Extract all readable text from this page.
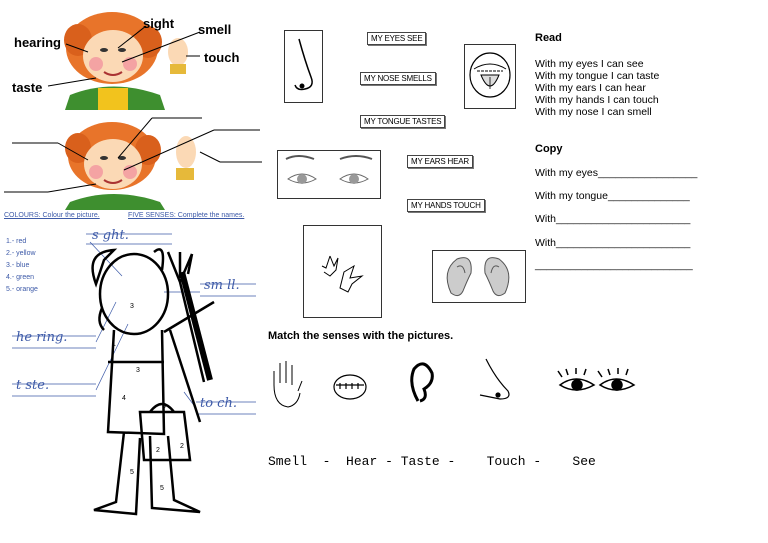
sight smell
hearing
touch
taste
COLOURS: Colour the picture.	FIVE SENSES: Complete the names.
1.- red
2.- yellow
3.- blue
4.- green
5.- orange
3
3
4
2
2
5
5
1
5
s ght.
sm ll.
he ring.
t ste.
to ch.
MY EYES SEE
MY NOSE SMELLS
MY TONGUE TASTES
MY EARS HEAR
MY HANDS TOUCH
Read
With my eyes I can see
With my tongue I can taste
With my ears I can hear
With my hands I can touch
With my nose I can smell
Copy
With my eyes_________________
With my tongue______________
With_______________________
With_______________________
___________________________
Match the senses with the pictures.
Smell - Hear - Taste - Touch - See
